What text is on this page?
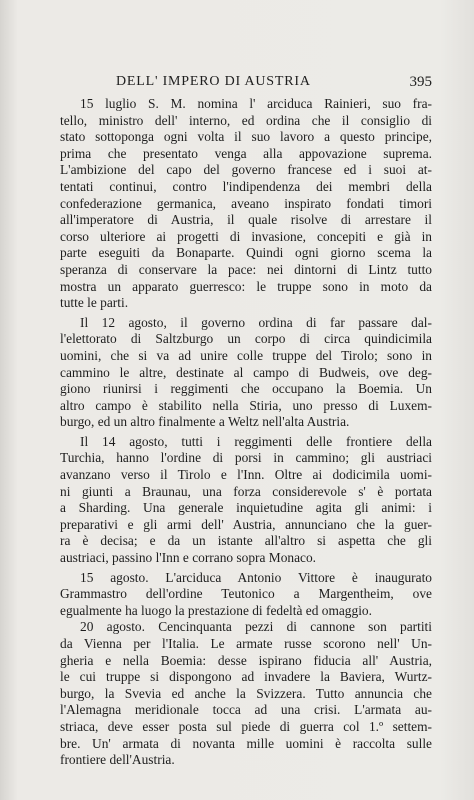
DELL' IMPERO DI AUSTRIA	395
15 luglio S. M. nomina l' arciduca Rainieri, suo fra-
tello, ministro dell' interno, ed ordina che il consiglio di
stato sottoponga ogni volta il suo lavoro a questo principe,
prima che presentato venga alla appovazione suprema.
L'ambizione del capo del governo francese ed i suoi at-
tentati continui, contro l'indipendenza dei membri della
confederazione germanica, aveano inspirato fondati timori
all'imperatore di Austria, il quale risolve di arrestare il
corso ulteriore ai progetti di invasione, concepiti e già in
parte eseguiti da Bonaparte. Quindi ogni giorno scema la
speranza di conservare la pace: nei dintorni di Lintz tutto
mostra un apparato guerresco: le truppe sono in moto da
tutte le parti.
Il 12 agosto, il governo ordina di far passare dal-
l'elettorato di Saltzburgo un corpo di circa quindicimila
uomini, che si va ad unire colle truppe del Tirolo; sono in
cammino le altre, destinate al campo di Budweis, ove deg-
giono riunirsi i reggimenti che occupano la Boemia. Un
altro campo è stabilito nella Stiria, uno presso di Luxem-
burgo, ed un altro finalmente a Weltz nell'alta Austria.
Il 14 agosto, tutti i reggimenti delle frontiere della
Turchia, hanno l'ordine di porsi in cammino; gli austriaci
avanzano verso il Tirolo e l'Inn. Oltre ai dodicimila uomi-
ni giunti a Braunau, una forza considerevole s' è portata
a Sharding. Una generale inquietudine agita gli animi: i
preparativi e gli armi dell' Austria, annunciano che la guer-
ra è decisa; e da un istante all'altro si aspetta che gli
austriaci, passino l'Inn e corrano sopra Monaco.
15 agosto. L'arciduca Antonio Vittore è inaugurato
Grammastro dell'ordine Teutonico a Margentheim, ove
egualmente ha luogo la prestazione di fedeltà ed omaggio.
20 agosto. Cencinquanta pezzi di cannone son partiti
da Vienna per l'Italia. Le armate russe scorono nell' Un-
gheria e nella Boemia: desse ispirano fiducia all' Austria,
le cui truppe si dispongono ad invadere la Baviera, Wurtz-
burgo, la Svevia ed anche la Svizzera. Tutto annuncia che
l'Alemagna meridionale tocca ad una crisi. L'armata au-
striaca, deve esser posta sul piede di guerra col 1.º settem-
bre. Un' armata di novanta mille uomini è raccolta sulle
frontiere dell'Austria.
